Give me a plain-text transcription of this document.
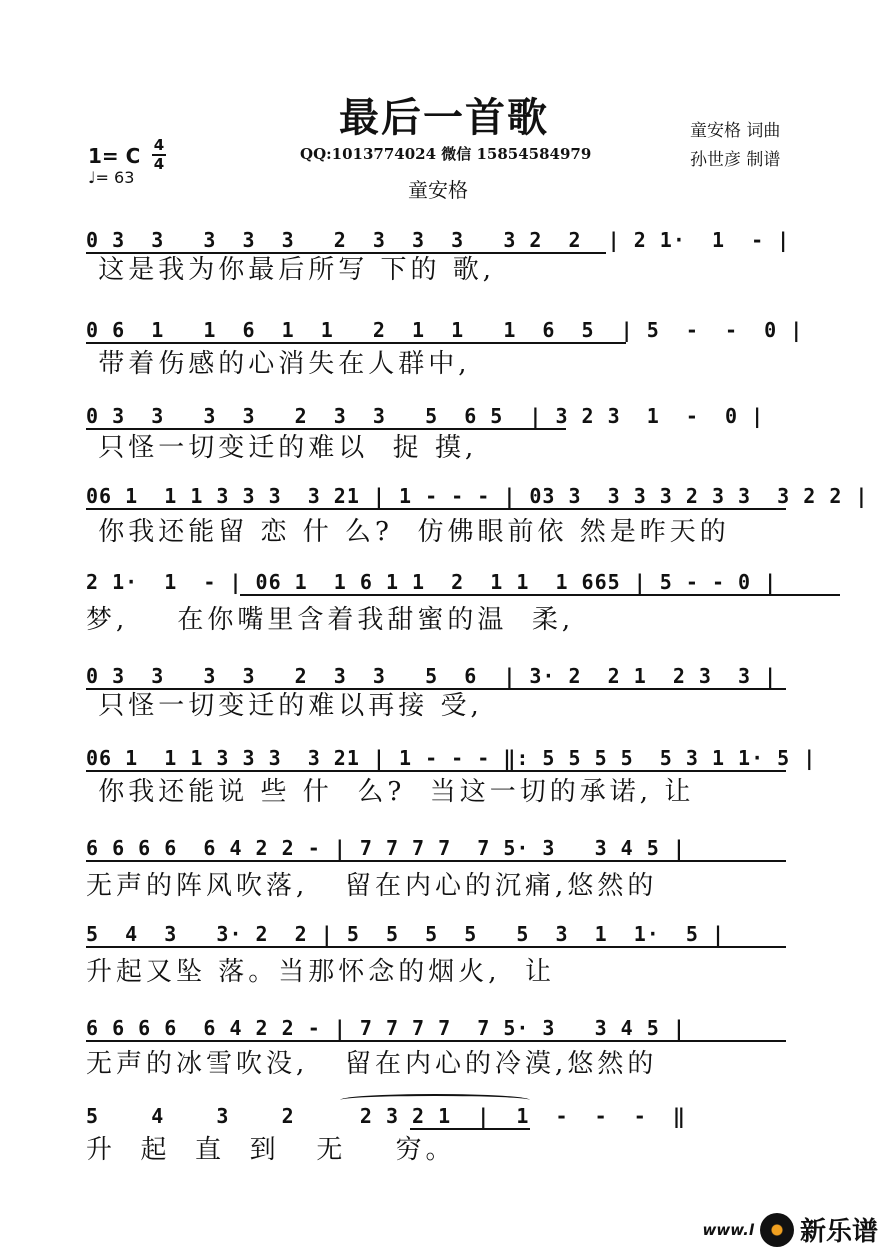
最后一首歌
1= C 4
4
♩= 63
QQ:1013774024 微信 15854584979
童安格
童安格 词曲
孙世彦 制谱
0 3  3   3  3  3   2  3  3  3   3 2  2  | 2 1·  1  - |
这是我为你最后所写 下的 歌,
0 6  1   1  6  1  1   2  1  1   1  6  5  | 5  -  -  0 |
带着伤感的心消失在人群中,
0 3  3   3  3   2  3  3   5  6 5  | 3 2 3  1  -  0 |
只怪一切变迁的难以  捉 摸,
06 1  1 1 3 3 3  3 21 | 1 - - - | 03 3  3 3 3 2 3 3  3 2 2 |
你我还能留 恋 什 么?  仿佛眼前依 然是昨天的
2 1·  1  - | 06 1  1 6 1 1  2  1 1  1 665 | 5 - - 0 |
梦,    在你嘴里含着我甜蜜的温  柔,
0 3  3   3  3   2  3  3   5  6  | 3· 2  2 1  2 3  3 |
只怪一切变迁的难以再接 受,
06 1  1 1 3 3 3  3 21 | 1 - - - ‖: 5 5 5 5  5 3 1 1· 5 |
你我还能说 些 什  么?  当这一切的承诺, 让
6 6 6 6  6 4 2 2 - | 7 7 7 7  7 5· 3   3 4 5 |
无声的阵风吹落,   留在内心的沉痛,悠然的
5  4  3   3· 2  2 | 5  5  5  5   5  3  1  1·  5 |
升起又坠 落。当那怀念的烟火,  让
6 6 6 6  6 4 2 2 - | 7 7 7 7  7 5· 3   3 4 5 |
无声的冰雪吹没,   留在内心的冷漠,悠然的
5    4    3    2     2 3 2 1  |  1  -  -  -  ‖
升  起  直  到   无    穷。
www.l 新乐谱
